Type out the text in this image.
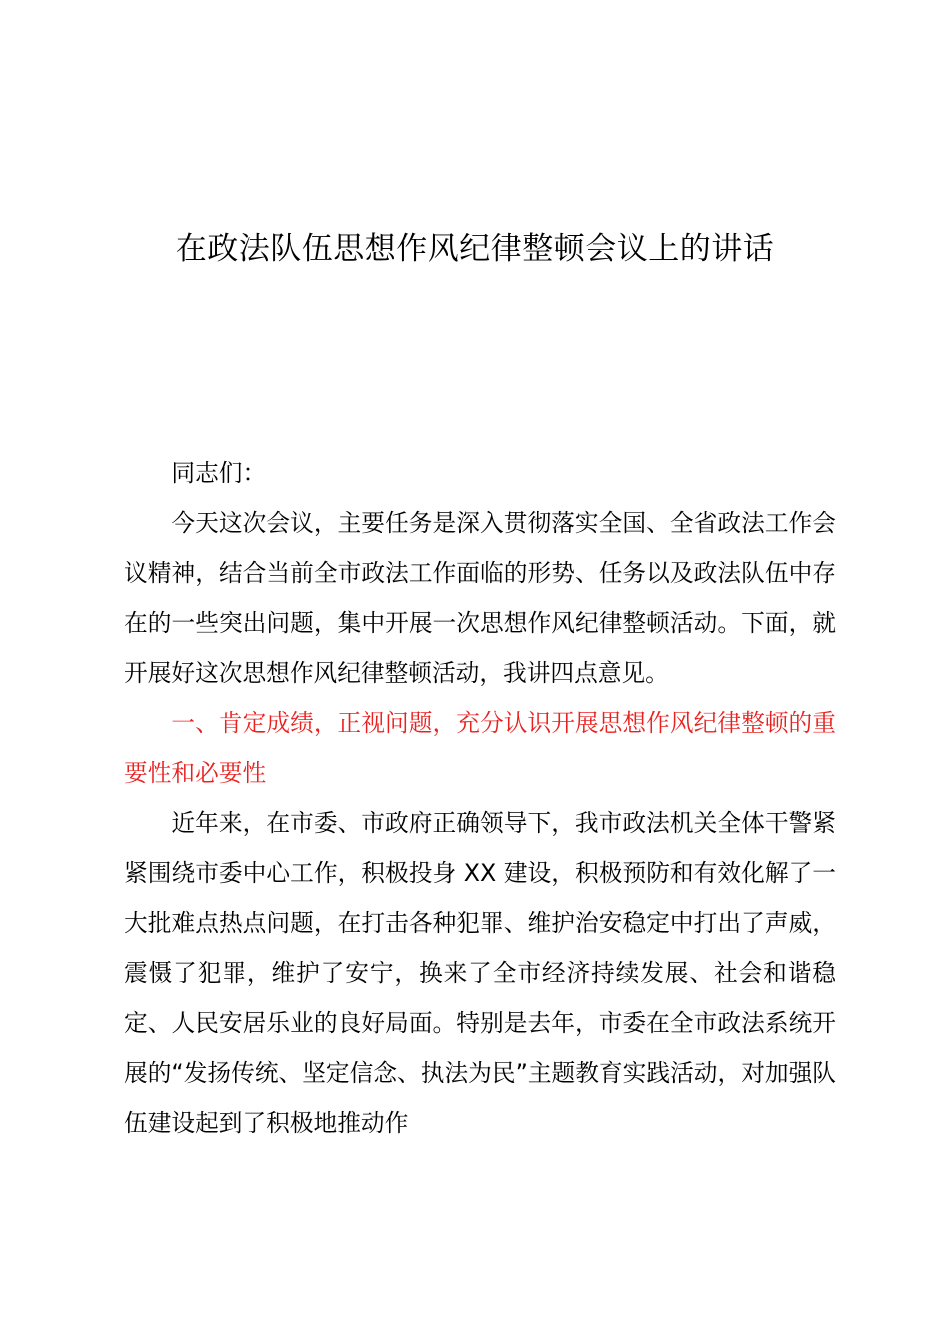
在政法队伍思想作风纪律整顿会议上的讲话

同志们：

今天这次会议，主要任务是深入贯彻落实全国、全省政法工作会议精神，结合当前全市政法工作面临的形势、任务以及政法队伍中存在的一些突出问题，集中开展一次思想作风纪律整顿活动。下面，就开展好这次思想作风纪律整顿活动，我讲四点意见。

一、肯定成绩，正视问题，充分认识开展思想作风纪律整顿的重要性和必要性

近年来，在市委、市政府正确领导下，我市政法机关全体干警紧紧围绕市委中心工作，积极投身 XX 建设，积极预防和有效化解了一大批难点热点问题，在打击各种犯罪、维护治安稳定中打出了声威，震慑了犯罪，维护了安宁，换来了全市经济持续发展、社会和谐稳定、人民安居乐业的良好局面。特别是去年，市委在全市政法系统开展的“发扬传统、坚定信念、执法为民”主题教育实践活动，对加强队伍建设起到了积极地推动作
